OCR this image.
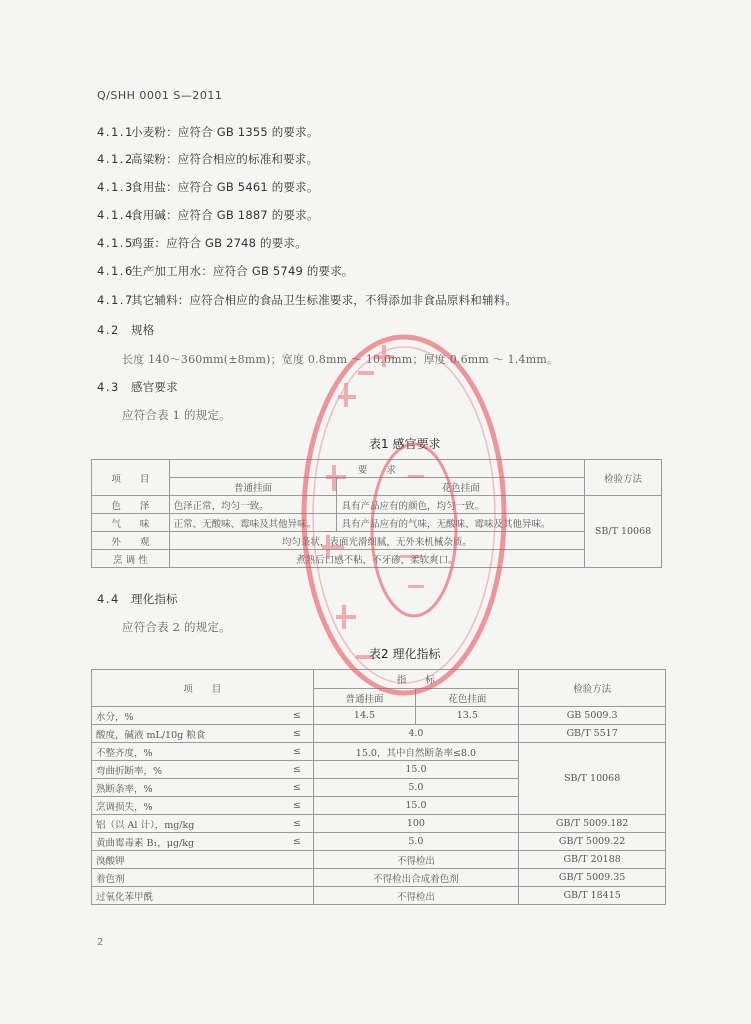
Q/SHH 0001 S—2011
4.1.1小麦粉：应符合 GB 1355 的要求。
4.1.2高粱粉：应符合相应的标准和要求。
4.1.3食用盐：应符合 GB 5461 的要求。
4.1.4食用碱：应符合 GB 1887 的要求。
4.1.5鸡蛋：应符合 GB 2748 的要求。
4.1.6生产加工用水：应符合 GB 5749 的要求。
4.1.7其它辅料：应符合相应的食品卫生标准要求，不得添加非食品原料和辅料。
4.2 规格
长度 140～360mm(±8mm)；宽度 0.8mm ～ 10.0mm；厚度 0.6mm ～ 1.4mm。
4.3 感官要求
应符合表 1 的规定。
表1 感官要求
项　　目	要　　求		检验方法
	普通挂面	花色挂面	
色　　泽	色泽正常，均匀一致。	具有产品应有的颜色，均匀一致。	SB/T 10068
气　　味	正常、无酸味、霉味及其他异味。	具有产品应有的气味，无酸味、霉味及其他异味。	
外　　观	均匀条状，表面光滑细腻，无外来机械杂质。		
烹 调 性	煮熟后口感不粘，不牙碜，柔软爽口。		
4.4 理化指标
应符合表 2 的规定。
表2 理化指标
项　　目		指　　标		检验方法
		普通挂面	花色挂面	
水分，%	≤	14.5	13.5	GB 5009.3
酸度，碱液 mL/10g 粮食	≤	4.0		GB/T 5517
不整齐度，%	≤	15.0，其中自然断条率≤8.0		SB/T 10068
弯曲折断率，%	≤	15.0		
熟断条率，%	≤	5.0		
烹调损失，%	≤	15.0		
铝（以 Al 计），mg/kg	≤	100		GB/T 5009.182
黄曲霉毒素 B₁，μg/kg	≤	5.0		GB/T 5009.22
溴酸钾		不得检出		GB/T 20188
着色剂		不得检出合成着色剂		GB/T 5009.35
过氧化苯甲酰		不得检出		GB/T 18415
2
